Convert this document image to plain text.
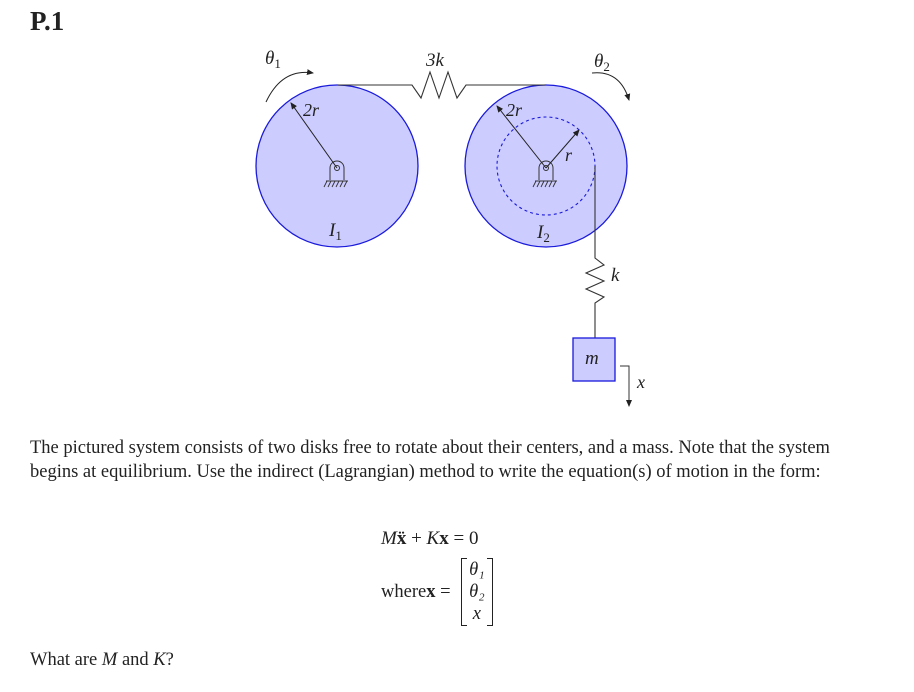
P.1
$\theta_1$	$\theta_2$
3k
2r	2r
r
$I_1$	$I_2$
k
m
x

The pictured system consists of two disks free to rotate about their centers, and a mass. Note that the system begins at equilibrium. Use the indirect (Lagrangian) method to write the equation(s) of motion in the form:

Mẍ + Kx = 0
where x =
θ₁
θ₂
x

What are M and K?
